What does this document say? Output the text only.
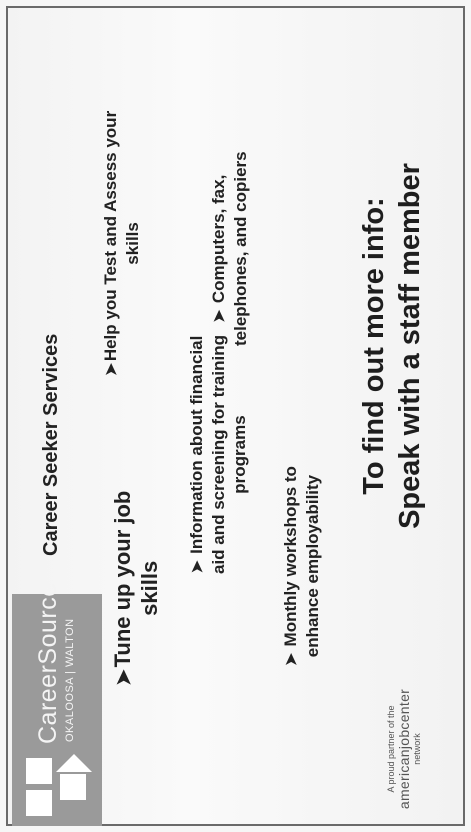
CareerSource OKALOOSA | WALTON
Career Seeker Services
➤Tune up your job
skills
➤Help you Test and Assess your skills
➤ Information about financial aid and screening for training programs
➤ Computers, fax, telephones, and copiers
➤ Monthly workshops to enhance employability
To find out more info: Speak with a staff member
A proud partner of the americanjobcenter network
